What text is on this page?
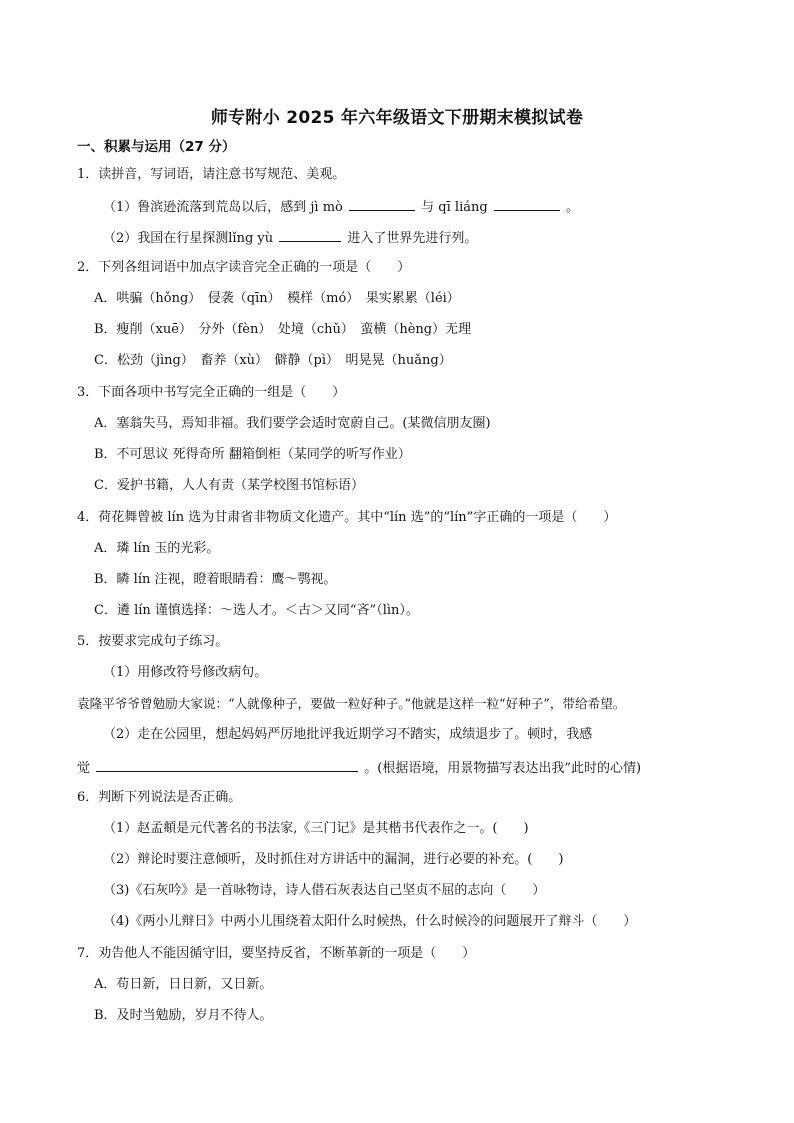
师专附小 2025 年六年级语文下册期末模拟试卷
一、积累与运用（27 分）
1．读拼音，写词语，请注意书写规范、美观。
（1）鲁滨逊流落到荒岛以后，感到 jì mò	与 qī liáng	。
（2）我国在行星探测lǐng yù	进入了世界先进行列。
2．下列各组词语中加点字读音完全正确的一项是（　　）
A．哄骗（hǒng）　侵袭（qīn）　模样（mó）　果实累累（léi）
B．瘦削（xuē）　分外（fèn）　处境（chǔ）　蛮横（hèng）无理
C．松劲（jìng）　畜养（xù）　僻静（pì）　明晃晃（huǎng）
3．下面各项中书写完全正确的一组是（　　）
A．塞翁失马，焉知非福。我们要学会适时宽蔚自己。(某微信朋友圈)
B．不可思议 死得奇所 翻箱倒柜（某同学的听写作业）
C．爱护书籍，人人有责（某学校图书馆标语）
4．荷花舞曾被 lín 选为甘肃省非物质文化遗产。其中“lín 选”的“lín”字正确的一项是（　　）
A．璘 lín 玉的光彩。
B．瞵 lín 注视，瞪着眼睛看：鹰～鹗视。
C．遴 lín 谨慎选择：～选人才。＜古＞又同“吝”（lìn）。
5．按要求完成句子练习。
（1）用修改符号修改病句。
袁隆平爷爷曾勉励大家说：“人就像种子，要做一粒好种子。”他就是这样一粒“好种子”，带给希望。
（2）走在公园里，想起妈妈严厉地批评我近期学习不踏实，成绩退步了。顿时，我感
觉	。(根据语境，用景物描写表达出我”此时的心情)
6．判断下列说法是否正确。
（1）赵孟頫是元代著名的书法家,《三门记》是其楷书代表作之一。(　　)
（2）辩论时要注意倾听，及时抓住对方讲话中的漏洞，进行必要的补充。(　　)
（3)《石灰吟》是一首咏物诗，诗人借石灰表达自己坚贞不屈的志向（　　）
（4)《两小儿辩日》中两小儿围绕着太阳什么时候热，什么时候冷的问题展开了辩斗（　　）
7．劝告他人不能因循守旧，要坚持反省，不断革新的一项是（　　）
A．苟日新，日日新，又日新。
B．及时当勉励，岁月不待人。
